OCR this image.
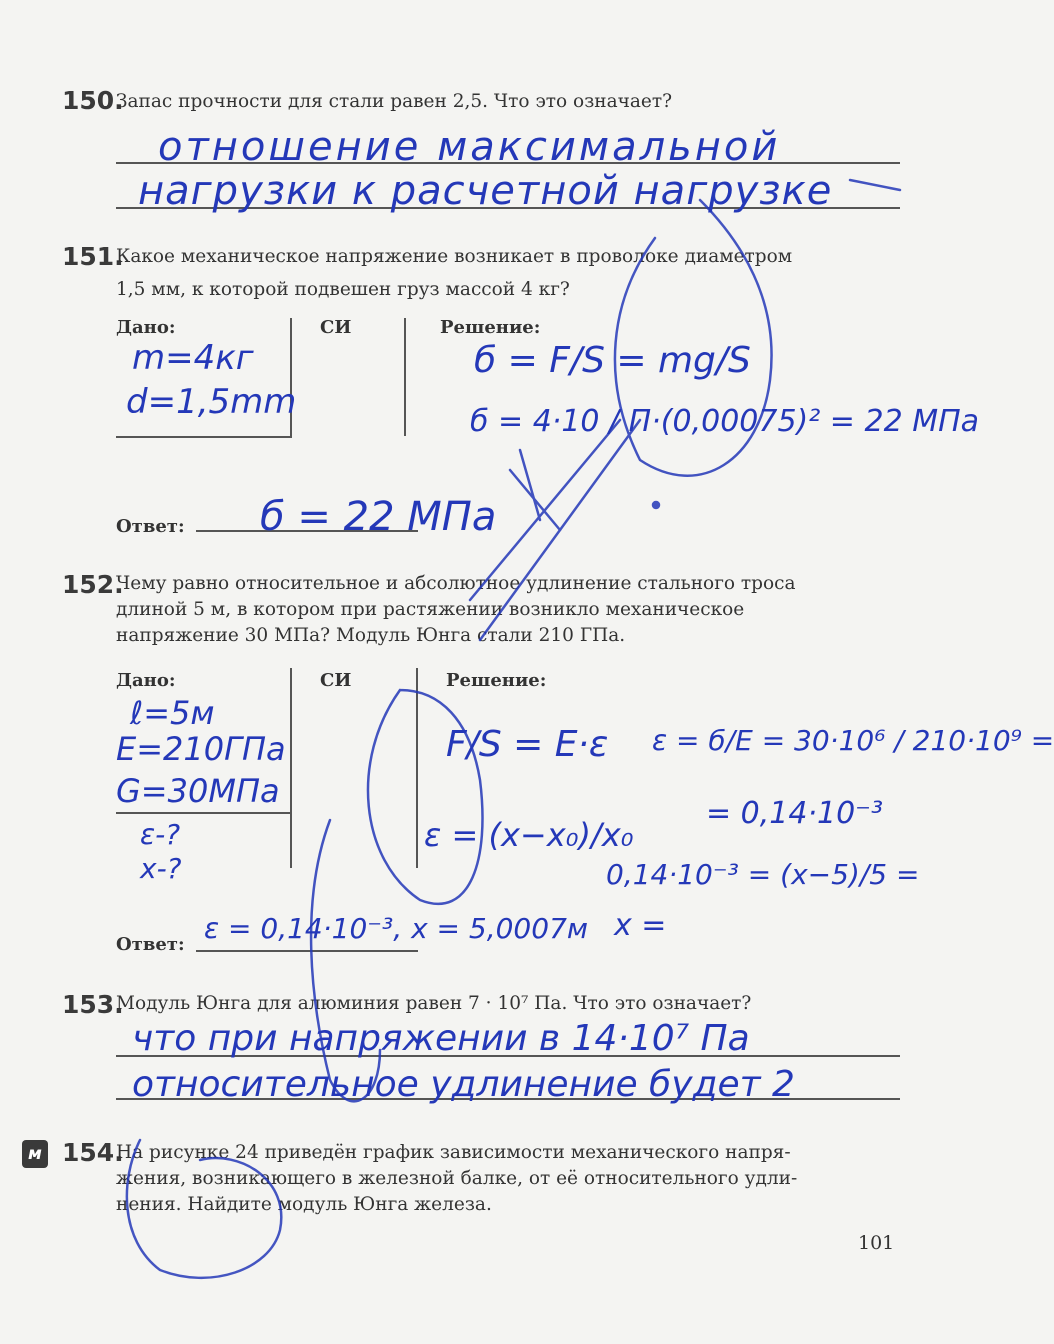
150.
Запас прочности для стали равен 2,5. Что это означает?
отношение максимальной
нагрузки к расчетной нагрузке
151.
Какое механическое напряжение возникает в проволоке диаметром
1,5 мм, к которой подвешен груз массой 4 кг?
Дано:	СИ	Решение:
Ответ:
m=4кг
d=1,5mm
б = F/S = mg/S
б = 4·10 / П·(0,00075)² = 22 МПа
б = 22 МПа
152.
Чему равно относительное и абсолютное удлинение стального троса
длиной 5 м, в котором при растяжении возникло механическое
напряжение 30 МПа? Модуль Юнга стали 210 ГПа.
Дано:	СИ	Решение:
Ответ:
ℓ=5м
E=210ГПа
G=30МПа
ε-?
x-?
F/S = E·ε ε = б/E = 30·10⁶ / 210·10⁹ =
= 0,14·10⁻³
ε = (x−x₀)/x₀
0,14·10⁻³ = (x−5)/5 =
x =
ε = 0,14·10⁻³, x = 5,0007м
153.
Модуль Юнга для алюминия равен 7 · 10⁷ Па. Что это означает?
что при напряжении в 14·10⁷ Па
относительное удлинение будет 2
м 154.
На рисунке 24 приведён график зависимости механического напря-
жения, возникающего в железной балке, от её относительного удли-
нения. Найдите модуль Юнга железа.
101
